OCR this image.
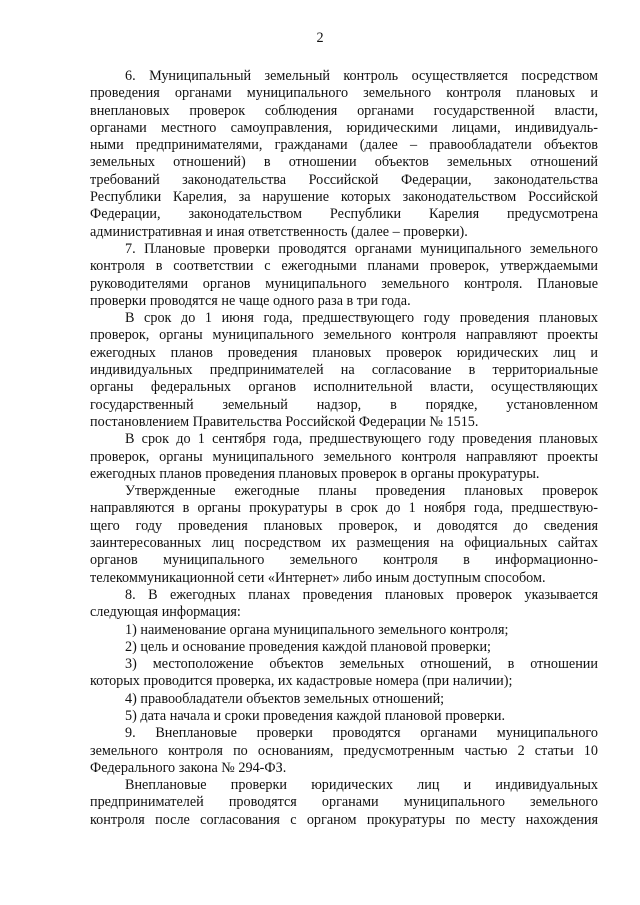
2
6. Муниципальный земельный контроль осуществляется посредством
проведения органами муниципального земельного контроля плановых и
внеплановых проверок соблюдения органами государственной власти,
органами местного самоуправления, юридическими лицами, индивидуаль-
ными предпринимателями, гражданами (далее – правообладатели объектов
земельных отношений) в отношении объектов земельных отношений
требований законодательства Российской Федерации, законодательства
Республики Карелия, за нарушение которых законодательством Российской
Федерации, законодательством Республики Карелия предусмотрена
административная и иная ответственность (далее – проверки).
7. Плановые проверки проводятся органами муниципального земельного
контроля в соответствии с ежегодными планами проверок, утверждаемыми
руководителями органов муниципального земельного контроля. Плановые
проверки проводятся не чаще одного раза в три года.
В срок до 1 июня года, предшествующего году проведения плановых
проверок, органы муниципального земельного контроля направляют проекты
ежегодных планов проведения плановых проверок юридических лиц и
индивидуальных предпринимателей на согласование в территориальные
органы федеральных органов исполнительной власти, осуществляющих
государственный земельный надзор, в порядке, установленном
постановлением Правительства Российской Федерации № 1515.
В срок до 1 сентября года, предшествующего году проведения плановых
проверок, органы муниципального земельного контроля направляют проекты
ежегодных планов проведения плановых проверок в органы прокуратуры.
Утвержденные ежегодные планы проведения плановых проверок
направляются в органы прокуратуры в срок до 1 ноября года, предшествую-
щего году проведения плановых проверок, и доводятся до сведения
заинтересованных лиц посредством их размещения на официальных сайтах
органов муниципального земельного контроля в информационно-
телекоммуникационной сети «Интернет» либо иным доступным способом.
8. В ежегодных планах проведения плановых проверок указывается
следующая информация:
1) наименование органа муниципального земельного контроля;
2) цель и основание проведения каждой плановой проверки;
3) местоположение объектов земельных отношений, в отношении
которых проводится проверка, их кадастровые номера (при наличии);
4) правообладатели объектов земельных отношений;
5) дата начала и сроки проведения каждой плановой проверки.
9. Внеплановые проверки проводятся органами муниципального
земельного контроля по основаниям, предусмотренным частью 2 статьи 10
Федерального закона № 294-ФЗ.
Внеплановые проверки юридических лиц и индивидуальных
предпринимателей проводятся органами муниципального земельного
контроля после согласования с органом прокуратуры по месту нахождения
